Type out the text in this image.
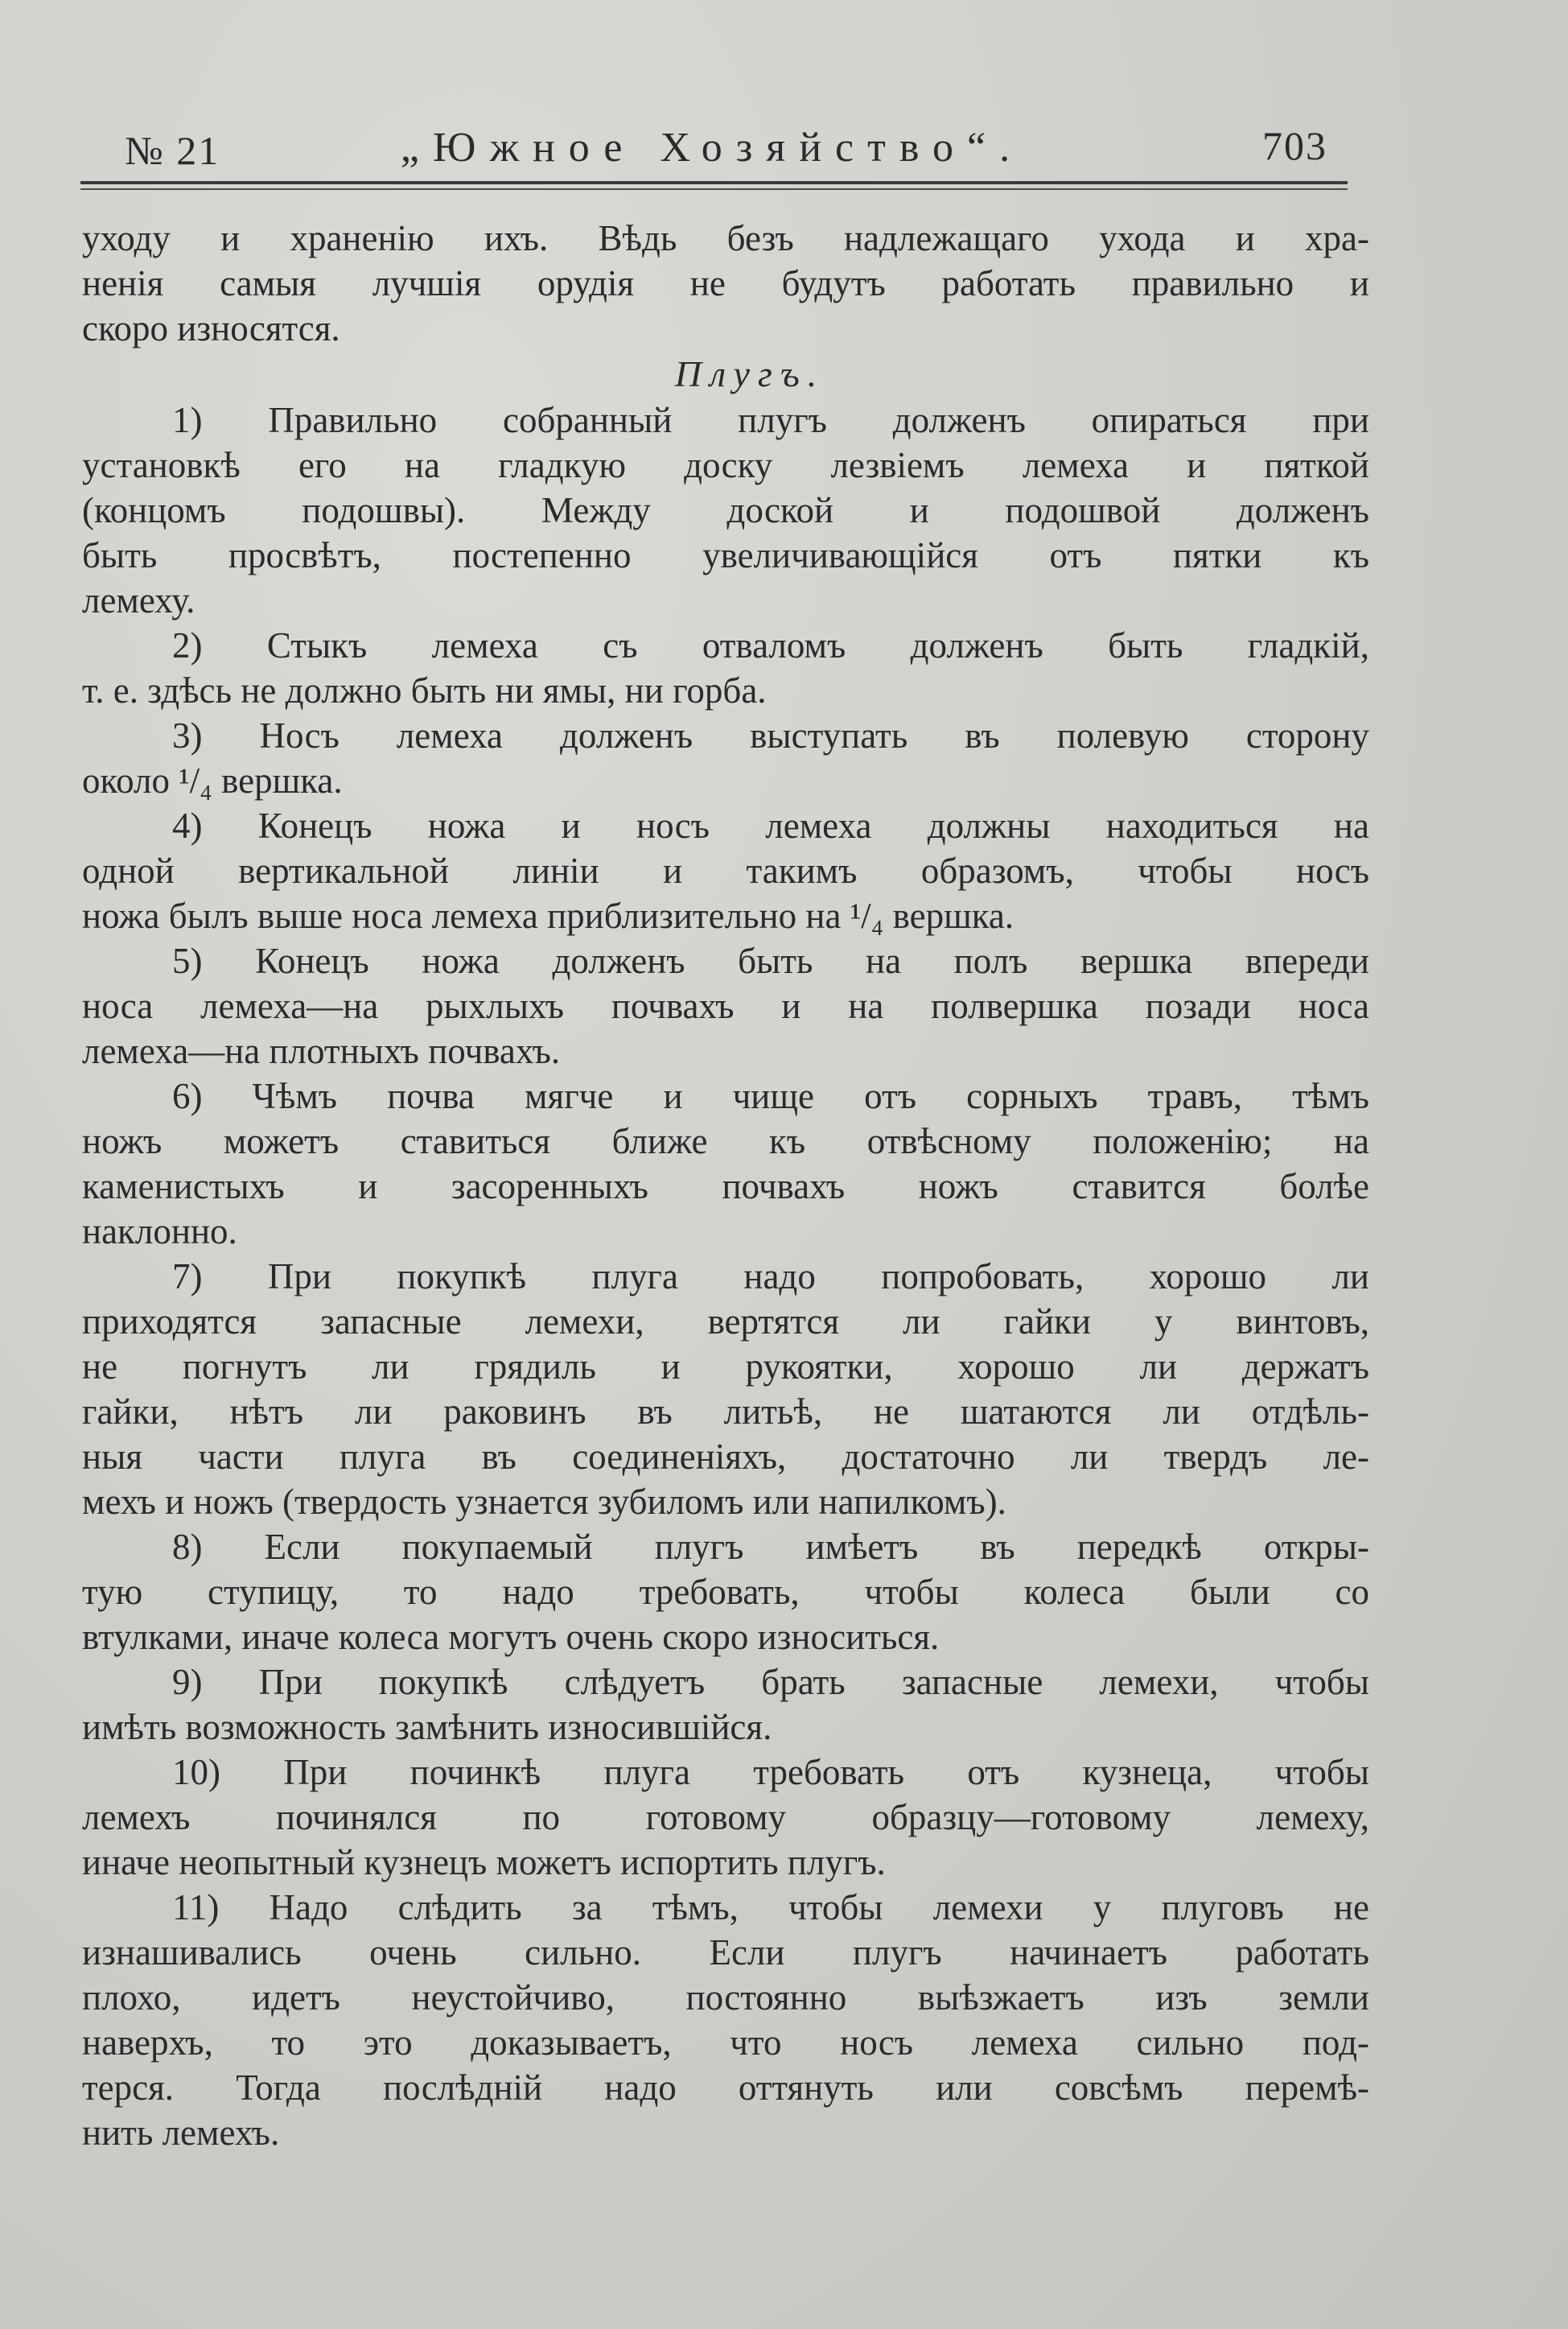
№ 21	„Южное Хозяйство“.	703
уходу и храненію ихъ. Вѣдь безъ надлежащаго ухода и хра-
ненія самыя лучшія орудія не будутъ работать правильно и
скоро износятся.
Плугъ.
1) Правильно собранный плугъ долженъ опираться при
установкѣ его на гладкую доску лезвіемъ лемеха и пяткой
(концомъ подошвы). Между доской и подошвой долженъ
быть просвѣтъ, постепенно увеличивающійся отъ пятки къ
лемеху.
2) Стыкъ лемеха съ отваломъ долженъ быть гладкій,
т. е. здѣсь не должно быть ни ямы, ни горба.
3) Носъ лемеха долженъ выступать въ полевую сторону
около ¹/₄ вершка.
4) Конецъ ножа и носъ лемеха должны находиться на
одной вертикальной линіи и такимъ образомъ, чтобы носъ
ножа былъ выше носа лемеха приблизительно на ¹/₄ вершка.
5) Конецъ ножа долженъ быть на полъ вершка впереди
носа лемеха—на рыхлыхъ почвахъ и на полвершка позади носа
лемеха—на плотныхъ почвахъ.
6) Чѣмъ почва мягче и чище отъ сорныхъ травъ, тѣмъ
ножъ можетъ ставиться ближе къ отвѣсному положенію; на
каменистыхъ и засоренныхъ почвахъ ножъ ставится болѣе
наклонно.
7) При покупкѣ плуга надо попробовать, хорошо ли
приходятся запасные лемехи, вертятся ли гайки у винтовъ,
не погнутъ ли грядиль и рукоятки, хорошо ли держатъ
гайки, нѣтъ ли раковинъ въ литьѣ, не шатаются ли отдѣль-
ныя части плуга въ соединеніяхъ, достаточно ли твердъ ле-
мехъ и ножъ (твердость узнается зубиломъ или напилкомъ).
8) Если покупаемый плугъ имѣетъ въ передкѣ откры-
тую ступицу, то надо требовать, чтобы колеса были со
втулками, иначе колеса могутъ очень скоро износиться.
9) При покупкѣ слѣдуетъ брать запасные лемехи, чтобы
имѣть возможность замѣнить износившійся.
10) При починкѣ плуга требовать отъ кузнеца, чтобы
лемехъ починялся по готовому образцу—готовому лемеху,
иначе неопытный кузнецъ можетъ испортить плугъ.
11) Надо слѣдить за тѣмъ, чтобы лемехи у плуговъ не
изнашивались очень сильно. Если плугъ начинаетъ работать
плохо, идетъ неустойчиво, постоянно выѣзжаетъ изъ земли
наверхъ, то это доказываетъ, что носъ лемеха сильно под-
терся. Тогда послѣдній надо оттянуть или совсѣмъ перемѣ-
нить лемехъ.
